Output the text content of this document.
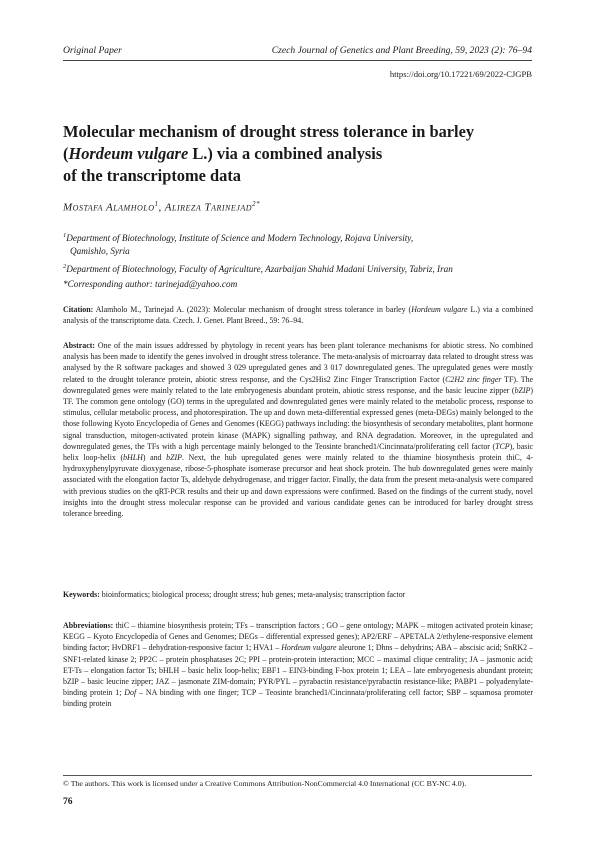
Original Paper	Czech Journal of Genetics and Plant Breeding, 59, 2023 (2): 76–94
https://doi.org/10.17221/69/2022-CJGPB
Molecular mechanism of drought stress tolerance in barley
(Hordeum vulgare L.) via a combined analysis
of the transcriptome data
Mostafa Alamholo$^1$, Alireza Tarinejad$^{2*}$
$^1$Department of Biotechnology, Institute of Science and Modern Technology, Rojava University,
Qamishlo, Syria
$^2$Department of Biotechnology, Faculty of Agriculture, Azarbaijan Shahid Madani University, Tabriz, Iran
*Corresponding author: tarinejad@yahoo.com
Citation: Alamholo M., Tarinejad A. (2023): Molecular mechanism of drought stress tolerance in barley (Hordeum vulgare L.) via a combined analysis of the transcriptome data. Czech. J. Genet. Plant Breed., 59: 76–94.
Abstract: One of the main issues addressed by phytology in recent years has been plant tolerance mechanisms for abiotic stress. No combined analysis has been made to identify the genes involved in drought stress tolerance. The meta-analysis of microarray data related to drought stress was analysed by the R software packages and showed 3 029 upregulated genes and 3 017 downregulated genes. The upregulated genes were mostly related to the drought tolerance protein, abiotic stress response, and the Cys2His2 Zinc Finger Transcription Factor (C2H2 zinc finger TF). The downregulated genes were mainly related to the late embryogenesis abundant protein, abiotic stress response, and the basic leucine zipper (bZIP) TF. The common gene ontology (GO) terms in the upregulated and downregulated genes were mainly related to the metabolic process, response to stimulus, cellular metabolic process, and photorespiration. The up and down meta-differential expressed genes (meta-DEGs) mainly belonged to the those following Kyoto Encyclopedia of Genes and Genomes (KEGG) pathways including: the biosynthesis of secondary metabolites, plant hormone signal transduction, mitogen-activated protein kinase (MAPK) signalling pathway, and RNA degradation. Moreover, in the upregulated and downregulated genes, the TFs with a high percentage mainly belonged to the Teosinte branched1/Cincinnata/proliferating cell factor (TCP), basic helix loop-helix (bHLH) and bZIP. Next, the hub upregulated genes were mainly related to the thiamine biosynthesis protein thiC, 4-hydroxyphenylpyruvate dioxygenase, ribose-5-phosphate isomerase precursor and heat shock protein. The hub downregulated genes were mainly associated with the elongation factor Ts, aldehyde dehydrogenase, and trigger factor. Finally, the data from the present meta-analysis were compared with previous studies on the qRT-PCR results and their up and down expressions were confirmed. Based on the findings of the current study, novel insights into the drought stress molecular response can be provided and various candidate genes can be introduced for barley drought stress tolerance breeding.
Keywords: bioinformatics; biological process; drought stress; hub genes; meta-analysis; transcription factor
Abbreviations: thiC – thiamine biosynthesis protein; TFs – transcription factors ; GO – gene ontology; MAPK – mitogen activated protein kinase; KEGG – Kyoto Encyclopedia of Genes and Genomes; DEGs – differential expressed genes); AP2/ERF – APETALA 2/ethylene-responsive element binding factor; HvDRF1 – dehydration-responsive factor 1; HVA1 – Hordeum vulgare aleurone 1; Dhns – dehydrins; ABA – abscisic acid; SnRK2 – SNF1-related kinase 2; PP2C – protein phosphatases 2C; PPI – protein-protein interaction; MCC – maximal clique centrality; JA – jasmonic acid; ET-Ts – elongation factor Ts; bHLH – basic helix loop-helix; EBF1 – EIN3-binding F-box protein 1; LEA – late embryogenesis abundant protein; bZIP – basic leucine zipper; JAZ – jasmonate ZIM-domain; PYR/PYL – pyrabactin resistance/pyrabactin resistance-like; PABP1 – polyadenylate-binding protein 1; Dof – NA binding with one finger; TCP – Teosinte branched1/Cincinnata/proliferating cell factor; SBP – squamosa promoter binding protein
© The authors. This work is licensed under a Creative Commons Attribution-NonCommercial 4.0 International (CC BY-NC 4.0).
76
